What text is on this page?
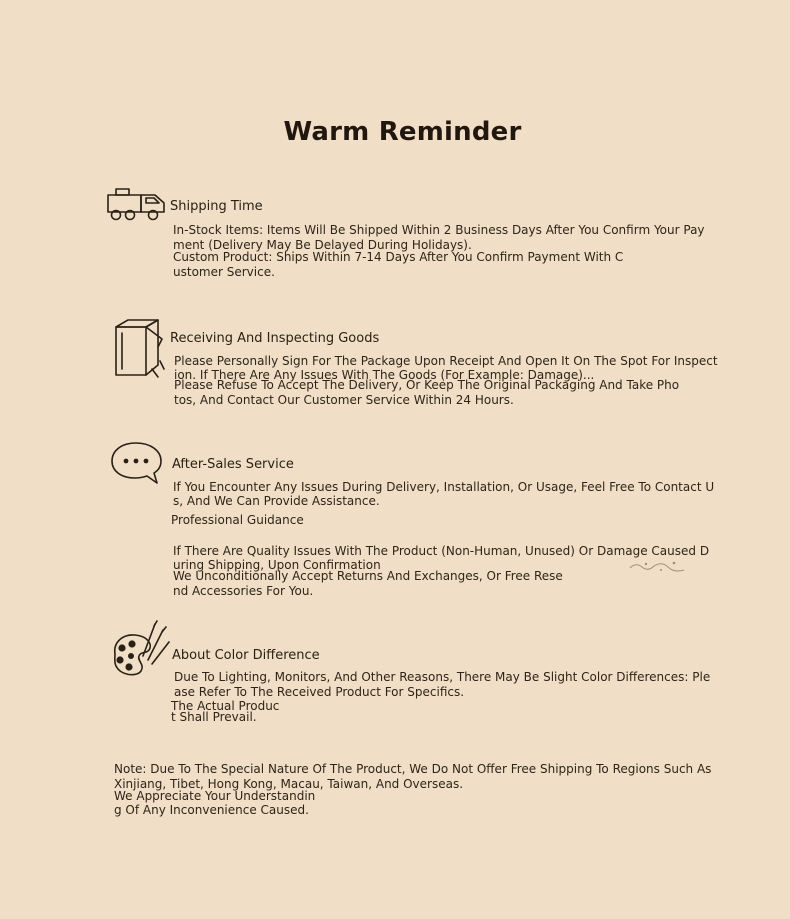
Warm Reminder
Shipping Time
In-Stock Items: Items Will Be Shipped Within 2 Business Days After You Confirm Your Pay
ment (Delivery May Be Delayed During Holidays).
Custom Product: Ships Within 7-14 Days After You Confirm Payment With C
ustomer Service.
Receiving And Inspecting Goods
Please Personally Sign For The Package Upon Receipt And Open It On The Spot For Inspect
ion. If There Are Any Issues With The Goods (For Example: Damage)...
Please Refuse To Accept The Delivery, Or Keep The Original Packaging And Take Pho
tos, And Contact Our Customer Service Within 24 Hours.
After-Sales Service
If You Encounter Any Issues During Delivery, Installation, Or Usage, Feel Free To Contact U
s, And We Can Provide Assistance.
Professional Guidance
If There Are Quality Issues With The Product (Non-Human, Unused) Or Damage Caused D
uring Shipping, Upon Confirmation
We Unconditionally Accept Returns And Exchanges, Or Free Rese
nd Accessories For You.
About Color Difference
Due To Lighting, Monitors, And Other Reasons, There May Be Slight Color Differences: Ple
ase Refer To The Received Product For Specifics.
The Actual Produc
t Shall Prevail.
Note: Due To The Special Nature Of The Product, We Do Not Offer Free Shipping To Regions Such As
Xinjiang, Tibet, Hong Kong, Macau, Taiwan, And Overseas.
We Appreciate Your Understandin
g Of Any Inconvenience Caused.
